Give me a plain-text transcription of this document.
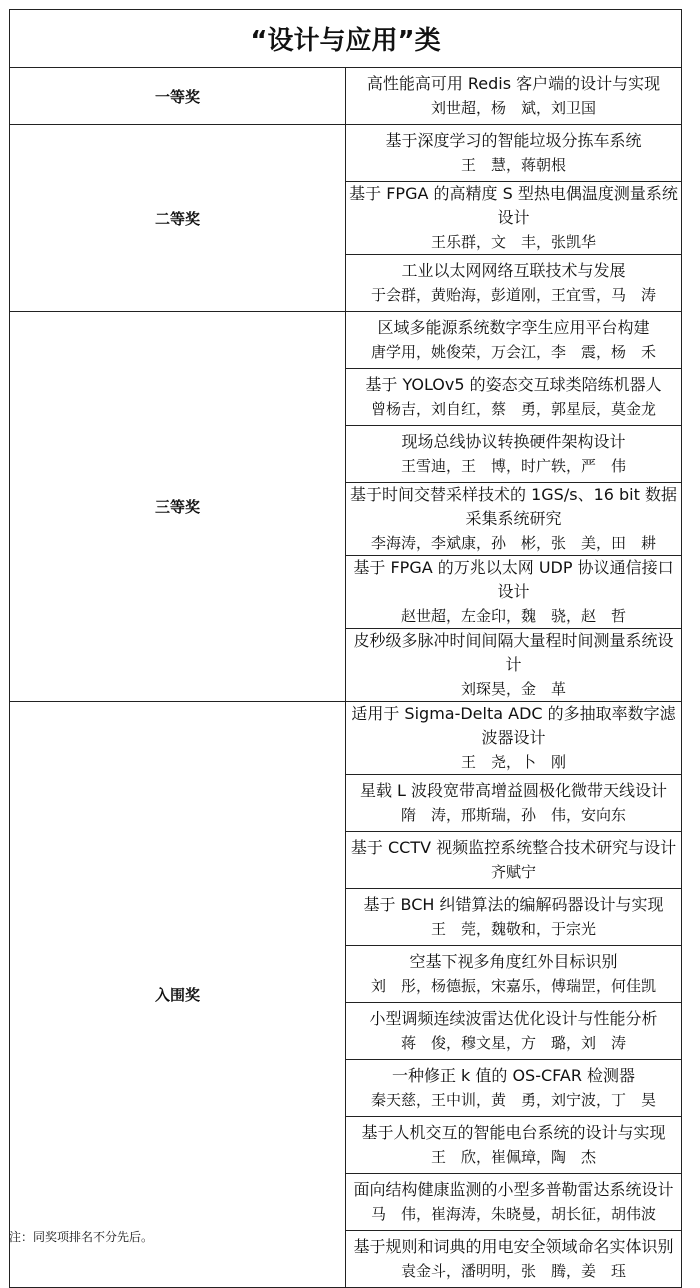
“设计与应用”类	
一等奖	高性能高可用 Redis 客户端的设计与实现
刘世超，杨　斌，刘卫国

二等奖	基于深度学习的智能垃圾分拣车系统
王　慧，蒋朝根

	基于 FPGA 的高精度 S 型热电偶温度测量系统设计
王乐群，文　丰，张凯华

	工业以太网网络互联技术与发展
于会群，黄贻海，彭道刚，王宜雪，马　涛

三等奖	区域多能源系统数字孪生应用平台构建
唐学用，姚俊荣，万会江，李　震，杨　禾

	基于 YOLOv5 的姿态交互球类陪练机器人
曾杨吉，刘自红，蔡　勇，郭星辰，莫金龙

	现场总线协议转换硬件架构设计
王雪迪，王　博，时广轶，严　伟

	基于时间交替采样技术的 1GS/s、16 bit 数据采集系统研究
李海涛，李斌康，孙　彬，张　美，田　耕

	基于 FPGA 的万兆以太网 UDP 协议通信接口设计
赵世超，左金印，魏　骁，赵　哲

	皮秒级多脉冲时间间隔大量程时间测量系统设计
刘琛昊，金　革

入围奖	适用于 Sigma-Delta ADC 的多抽取率数字滤波器设计
王　尧，卜　刚

	星载 L 波段宽带高增益圆极化微带天线设计
隋　涛，邢斯瑞，孙　伟，安向东

	基于 CCTV 视频监控系统整合技术研究与设计
齐赋宁

	基于 BCH 纠错算法的编解码器设计与实现
王　莞，魏敬和，于宗光

	空基下视多角度红外目标识别
刘　彤，杨德振，宋嘉乐，傅瑞罡，何佳凯

	小型调频连续波雷达优化设计与性能分析
蒋　俊，穆文星，方　璐，刘　涛

	一种修正 k 值的 OS-CFAR 检测器
秦天慈，王中训，黄　勇，刘宁波，丁　昊

	基于人机交互的智能电台系统的设计与实现
王　欣，崔佩璋，陶　杰

	面向结构健康监测的小型多普勒雷达系统设计
马　伟，崔海涛，朱晓曼，胡长征，胡伟波

	基于规则和词典的用电安全领域命名实体识别
袁金斗，潘明明，张　腾，姜　珏
注：同奖项排名不分先后。
